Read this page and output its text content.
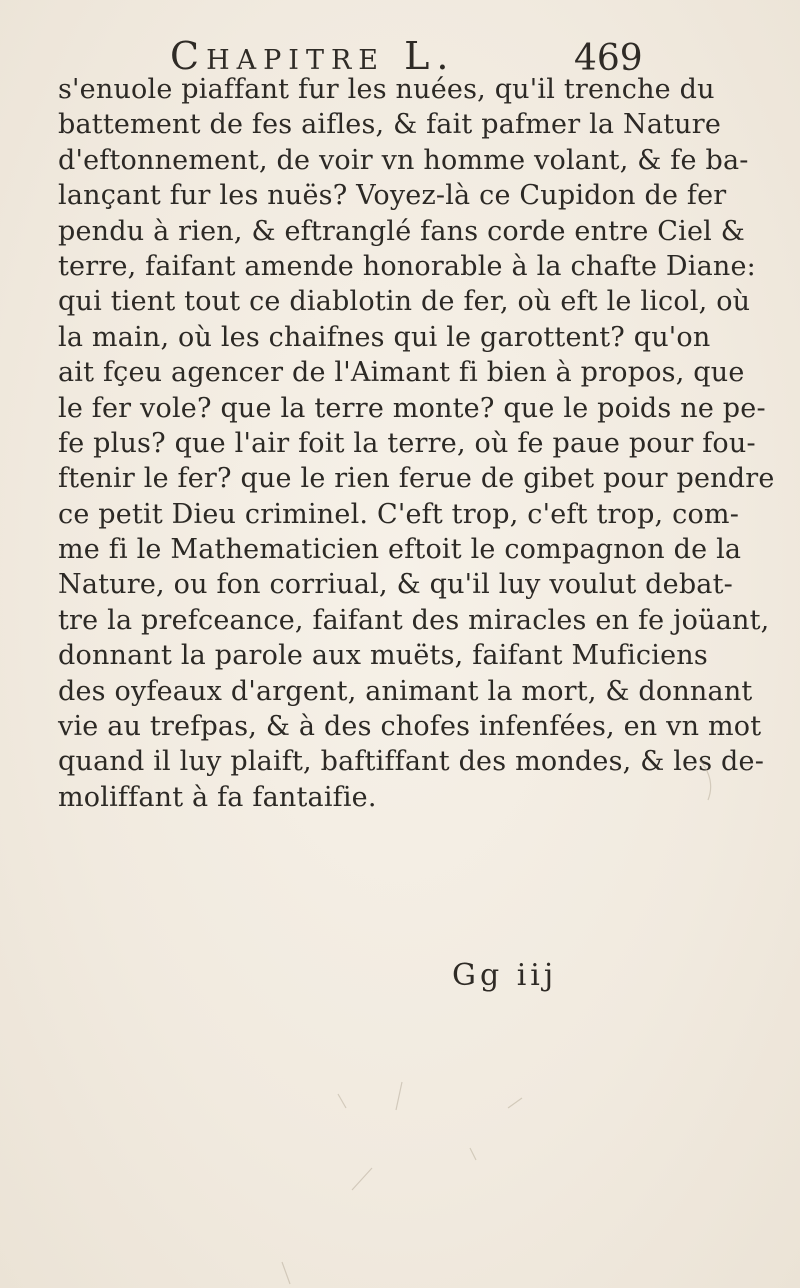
Chapitre L.	469
s'enuole piaffant fur les nuées, qu'il trenche du
battement de fes aifles, & fait pafmer la Nature
d'eftonnement, de voir vn homme volant, & fe ba-
lançant fur les nuës? Voyez-là ce Cupidon de fer
pendu à rien, & eftranglé fans corde entre Ciel &
terre, faifant amende honorable à la chafte Diane:
qui tient tout ce diablotin de fer, où eft le licol, où
la main, où les chaifnes qui le garottent? qu'on
ait fçeu agencer de l'Aimant fi bien à propos, que
le fer vole? que la terre monte? que le poids ne pe-
fe plus? que l'air foit la terre, où fe paue pour fou-
ftenir le fer? que le rien ferue de gibet pour pendre
ce petit Dieu criminel. C'eft trop, c'eft trop, com-
me fi le Mathematicien eftoit le compagnon de la
Nature, ou fon corriual, & qu'il luy voulut debat-
tre la prefceance, faifant des miracles en fe joüant,
donnant la parole aux muëts, faifant Muficiens
des oyfeaux d'argent, animant la mort, & donnant
vie au trefpas, & à des chofes infenfées, en vn mot
quand il luy plaift, baftiffant des mondes, & les de-
moliffant à fa fantaifie.
Gg iij
